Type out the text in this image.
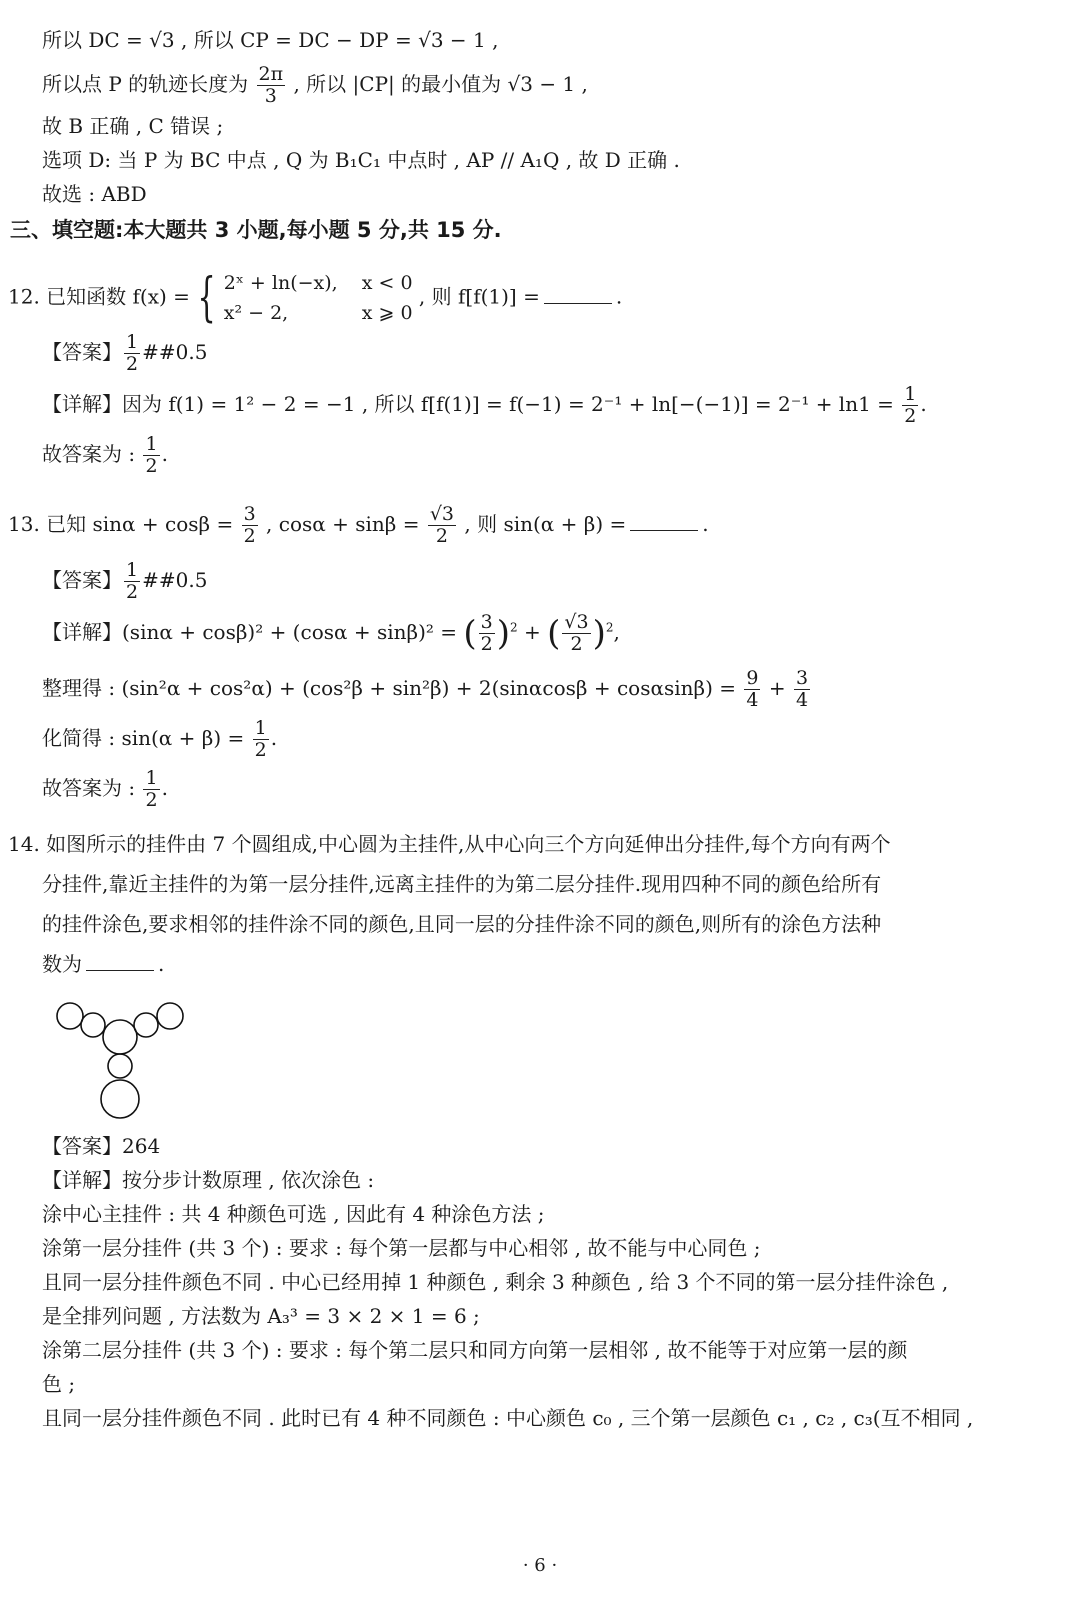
所以 DC = √3 , 所以 CP = DC − DP = √3 − 1 ,
所以点 P 的轨迹长度为 $\frac{2\pi}{3}$ , 所以 |CP| 的最小值为 √3 − 1 ,
故 B 正确 , C 错误 ;
选项 D: 当 P 为 BC 中点 , Q 为 B₁C₁ 中点时 , AP // A₁Q , 故 D 正确 .
故选 : ABD
三、填空题:本大题共 3 小题,每小题 5 分,共 15 分.
12. 已知函数 f(x) = { 2ˣ + ln(−x),	x < 0
x² − 2,	x ⩾ 0
, 则 f[f(1)] =	.
【答案】 $\frac{1}{2}$ ##0.5
【详解】因为 f(1) = 1² − 2 = −1 , 所以 $f[f(1)] = f(-1) = 2^{-1} + \ln[-(-1)] = 2^{-1} + \ln 1 = \frac{1}{2}$ .
故答案为 : $\frac{1}{2}$ .
13. 已知 $\sin\alpha + \cos\beta = \frac{3}{2}$ , $\cos\alpha + \sin\beta = \frac{√3}{2}$ , 则 sin(α + β) =	.
【答案】 $\frac{1}{2}$ ##0.5
【详解】(sinα + cosβ)² + (cosα + sinβ)² = ( $\frac{3}{2} )^2$ + ( $\frac{√3}{2} )^2$,
整理得 : $(\sin^2\alpha + \cos^2\alpha) + (\cos^2\beta + \sin^2\beta) + 2(\sin\alpha\cos\beta + \cos\alpha\sin\beta) = \frac{9}{4} + \frac{3}{4}$
化简得 : $\sin(\alpha + \beta) = \frac{1}{2}$ .
故答案为 : $\frac{1}{2}$ .
14. 如图所示的挂件由 7 个圆组成,中心圆为主挂件,从中心向三个方向延伸出分挂件,每个方向有两个
分挂件,靠近主挂件的为第一层分挂件,远离主挂件的为第二层分挂件.现用四种不同的颜色给所有
的挂件涂色,要求相邻的挂件涂不同的颜色,且同一层的分挂件涂不同的颜色,则所有的涂色方法种
数为	.
【答案】264
【详解】按分步计数原理 , 依次涂色 :
涂中心主挂件 : 共 4 种颜色可选 , 因此有 4 种涂色方法 ;
涂第一层分挂件 (共 3 个) : 要求 : 每个第一层都与中心相邻 , 故不能与中心同色 ;
且同一层分挂件颜色不同 . 中心已经用掉 1 种颜色 , 剩余 3 种颜色 , 给 3 个不同的第一层分挂件涂色 ,
是全排列问题 , 方法数为 A₃³ = 3 × 2 × 1 = 6 ;
涂第二层分挂件 (共 3 个) : 要求 : 每个第二层只和同方向第一层相邻 , 故不能等于对应第一层的颜
色 ;
且同一层分挂件颜色不同 . 此时已有 4 种不同颜色 : 中心颜色 c₀ , 三个第一层颜色 c₁ , c₂ , c₃(互不相同 ,
· 6 ·
